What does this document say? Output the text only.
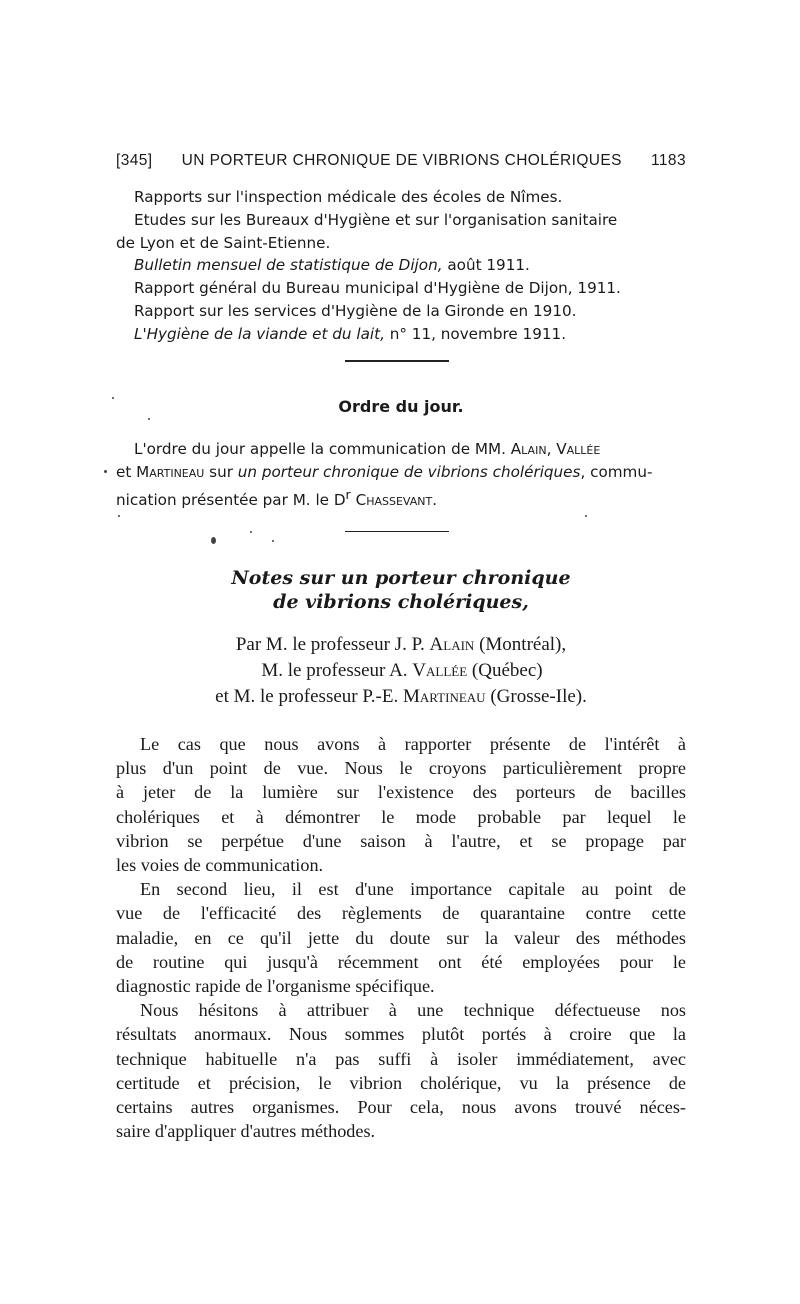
[345] UN PORTEUR CHRONIQUE DE VIBRIONS CHOLÉRIQUES 1183
Rapports sur l'inspection médicale des écoles de Nîmes.
Etudes sur les Bureaux d'Hygiène et sur l'organisation sanitaire
de Lyon et de Saint-Etienne.
Bulletin mensuel de statistique de Dijon, août 1911.
Rapport général du Bureau municipal d'Hygiène de Dijon, 1911.
Rapport sur les services d'Hygiène de la Gironde en 1910.
L'Hygiène de la viande et du lait, n° 11, novembre 1911.
Ordre du jour.
L'ordre du jour appelle la communication de MM. Alain, Vallée
et Martineau sur un porteur chronique de vibrions cholériques, commu-
nication présentée par M. le $D^r$ Chassevant.
Notes sur un porteur chronique
de vibrions cholériques,
Par M. le professeur J. P. Alain (Montréal),
M. le professeur A. Vallée (Québec)
et M. le professeur P.-E. Martineau (Grosse-Ile).
Le cas que nous avons à rapporter présente de l'intérêt à
plus d'un point de vue. Nous le croyons particulièrement propre
à jeter de la lumière sur l'existence des porteurs de bacilles
cholériques et à démontrer le mode probable par lequel le
vibrion se perpétue d'une saison à l'autre, et se propage par
les voies de communication.
En second lieu, il est d'une importance capitale au point de
vue de l'efficacité des règlements de quarantaine contre cette
maladie, en ce qu'il jette du doute sur la valeur des méthodes
de routine qui jusqu'à récemment ont été employées pour le
diagnostic rapide de l'organisme spécifique.
Nous hésitons à attribuer à une technique défectueuse nos
résultats anormaux. Nous sommes plutôt portés à croire que la
technique habituelle n'a pas suffi à isoler immédiatement, avec
certitude et précision, le vibrion cholérique, vu la présence de
certains autres organismes. Pour cela, nous avons trouvé néces-
saire d'appliquer d'autres méthodes.
